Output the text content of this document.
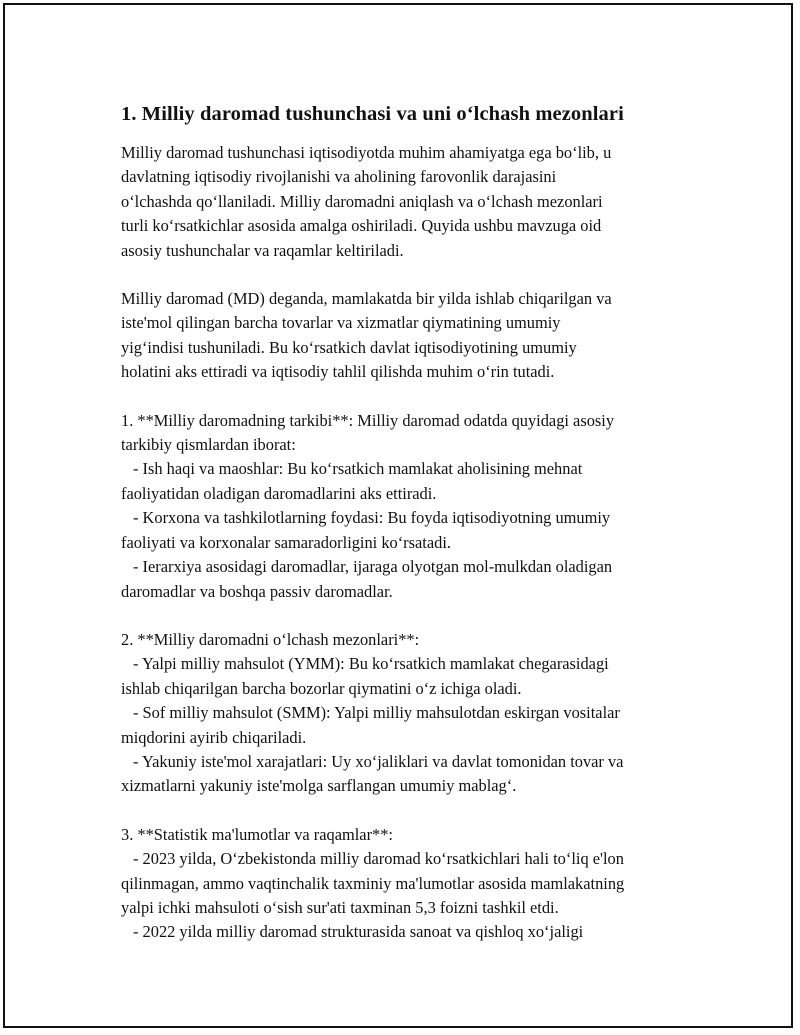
1. Milliy daromad tushunchasi va uni o‘lchash mezonlari

Milliy daromad tushunchasi iqtisodiyotda muhim ahamiyatga ega bo‘lib, u
davlatning iqtisodiy rivojlanishi va aholining farovonlik darajasini
o‘lchashda qo‘llaniladi. Milliy daromadni aniqlash va o‘lchash mezonlari
turli ko‘rsatkichlar asosida amalga oshiriladi. Quyida ushbu mavzuga oid
asosiy tushunchalar va raqamlar keltiriladi.

Milliy daromad (MD) deganda, mamlakatda bir yilda ishlab chiqarilgan va
iste'mol qilingan barcha tovarlar va xizmatlar qiymatining umumiy
yig‘indisi tushuniladi. Bu ko‘rsatkich davlat iqtisodiyotining umumiy
holatini aks ettiradi va iqtisodiy tahlil qilishda muhim o‘rin tutadi.

1. **Milliy daromadning tarkibi**: Milliy daromad odatda quyidagi asosiy
tarkibiy qismlardan iborat:
- Ish haqi va maoshlar: Bu ko‘rsatkich mamlakat aholisining mehnat
faoliyatidan oladigan daromadlarini aks ettiradi.
- Korxona va tashkilotlarning foydasi: Bu foyda iqtisodiyotning umumiy
faoliyati va korxonalar samaradorligini ko‘rsatadi.
- Ierarxiya asosidagi daromadlar, ijaraga olyotgan mol-mulkdan oladigan
daromadlar va boshqa passiv daromadlar.
2. **Milliy daromadni o‘lchash mezonlari**:
- Yalpi milliy mahsulot (YMM): Bu ko‘rsatkich mamlakat chegarasidagi
ishlab chiqarilgan barcha bozorlar qiymatini o‘z ichiga oladi.
- Sof milliy mahsulot (SMM): Yalpi milliy mahsulotdan eskirgan vositalar
miqdorini ayirib chiqariladi.
- Yakuniy iste'mol xarajatlari: Uy xo‘jaliklari va davlat tomonidan tovar va
xizmatlarni yakuniy iste'molga sarflangan umumiy mablag‘.
3. **Statistik ma'lumotlar va raqamlar**:
- 2023 yilda, O‘zbekistonda milliy daromad ko‘rsatkichlari hali to‘liq e'lon
qilinmagan, ammo vaqtinchalik taxminiy ma'lumotlar asosida mamlakatning
yalpi ichki mahsuloti o‘sish sur'ati taxminan 5,3 foizni tashkil etdi.
- 2022 yilda milliy daromad strukturasida sanoat va qishloq xo‘jaligi
